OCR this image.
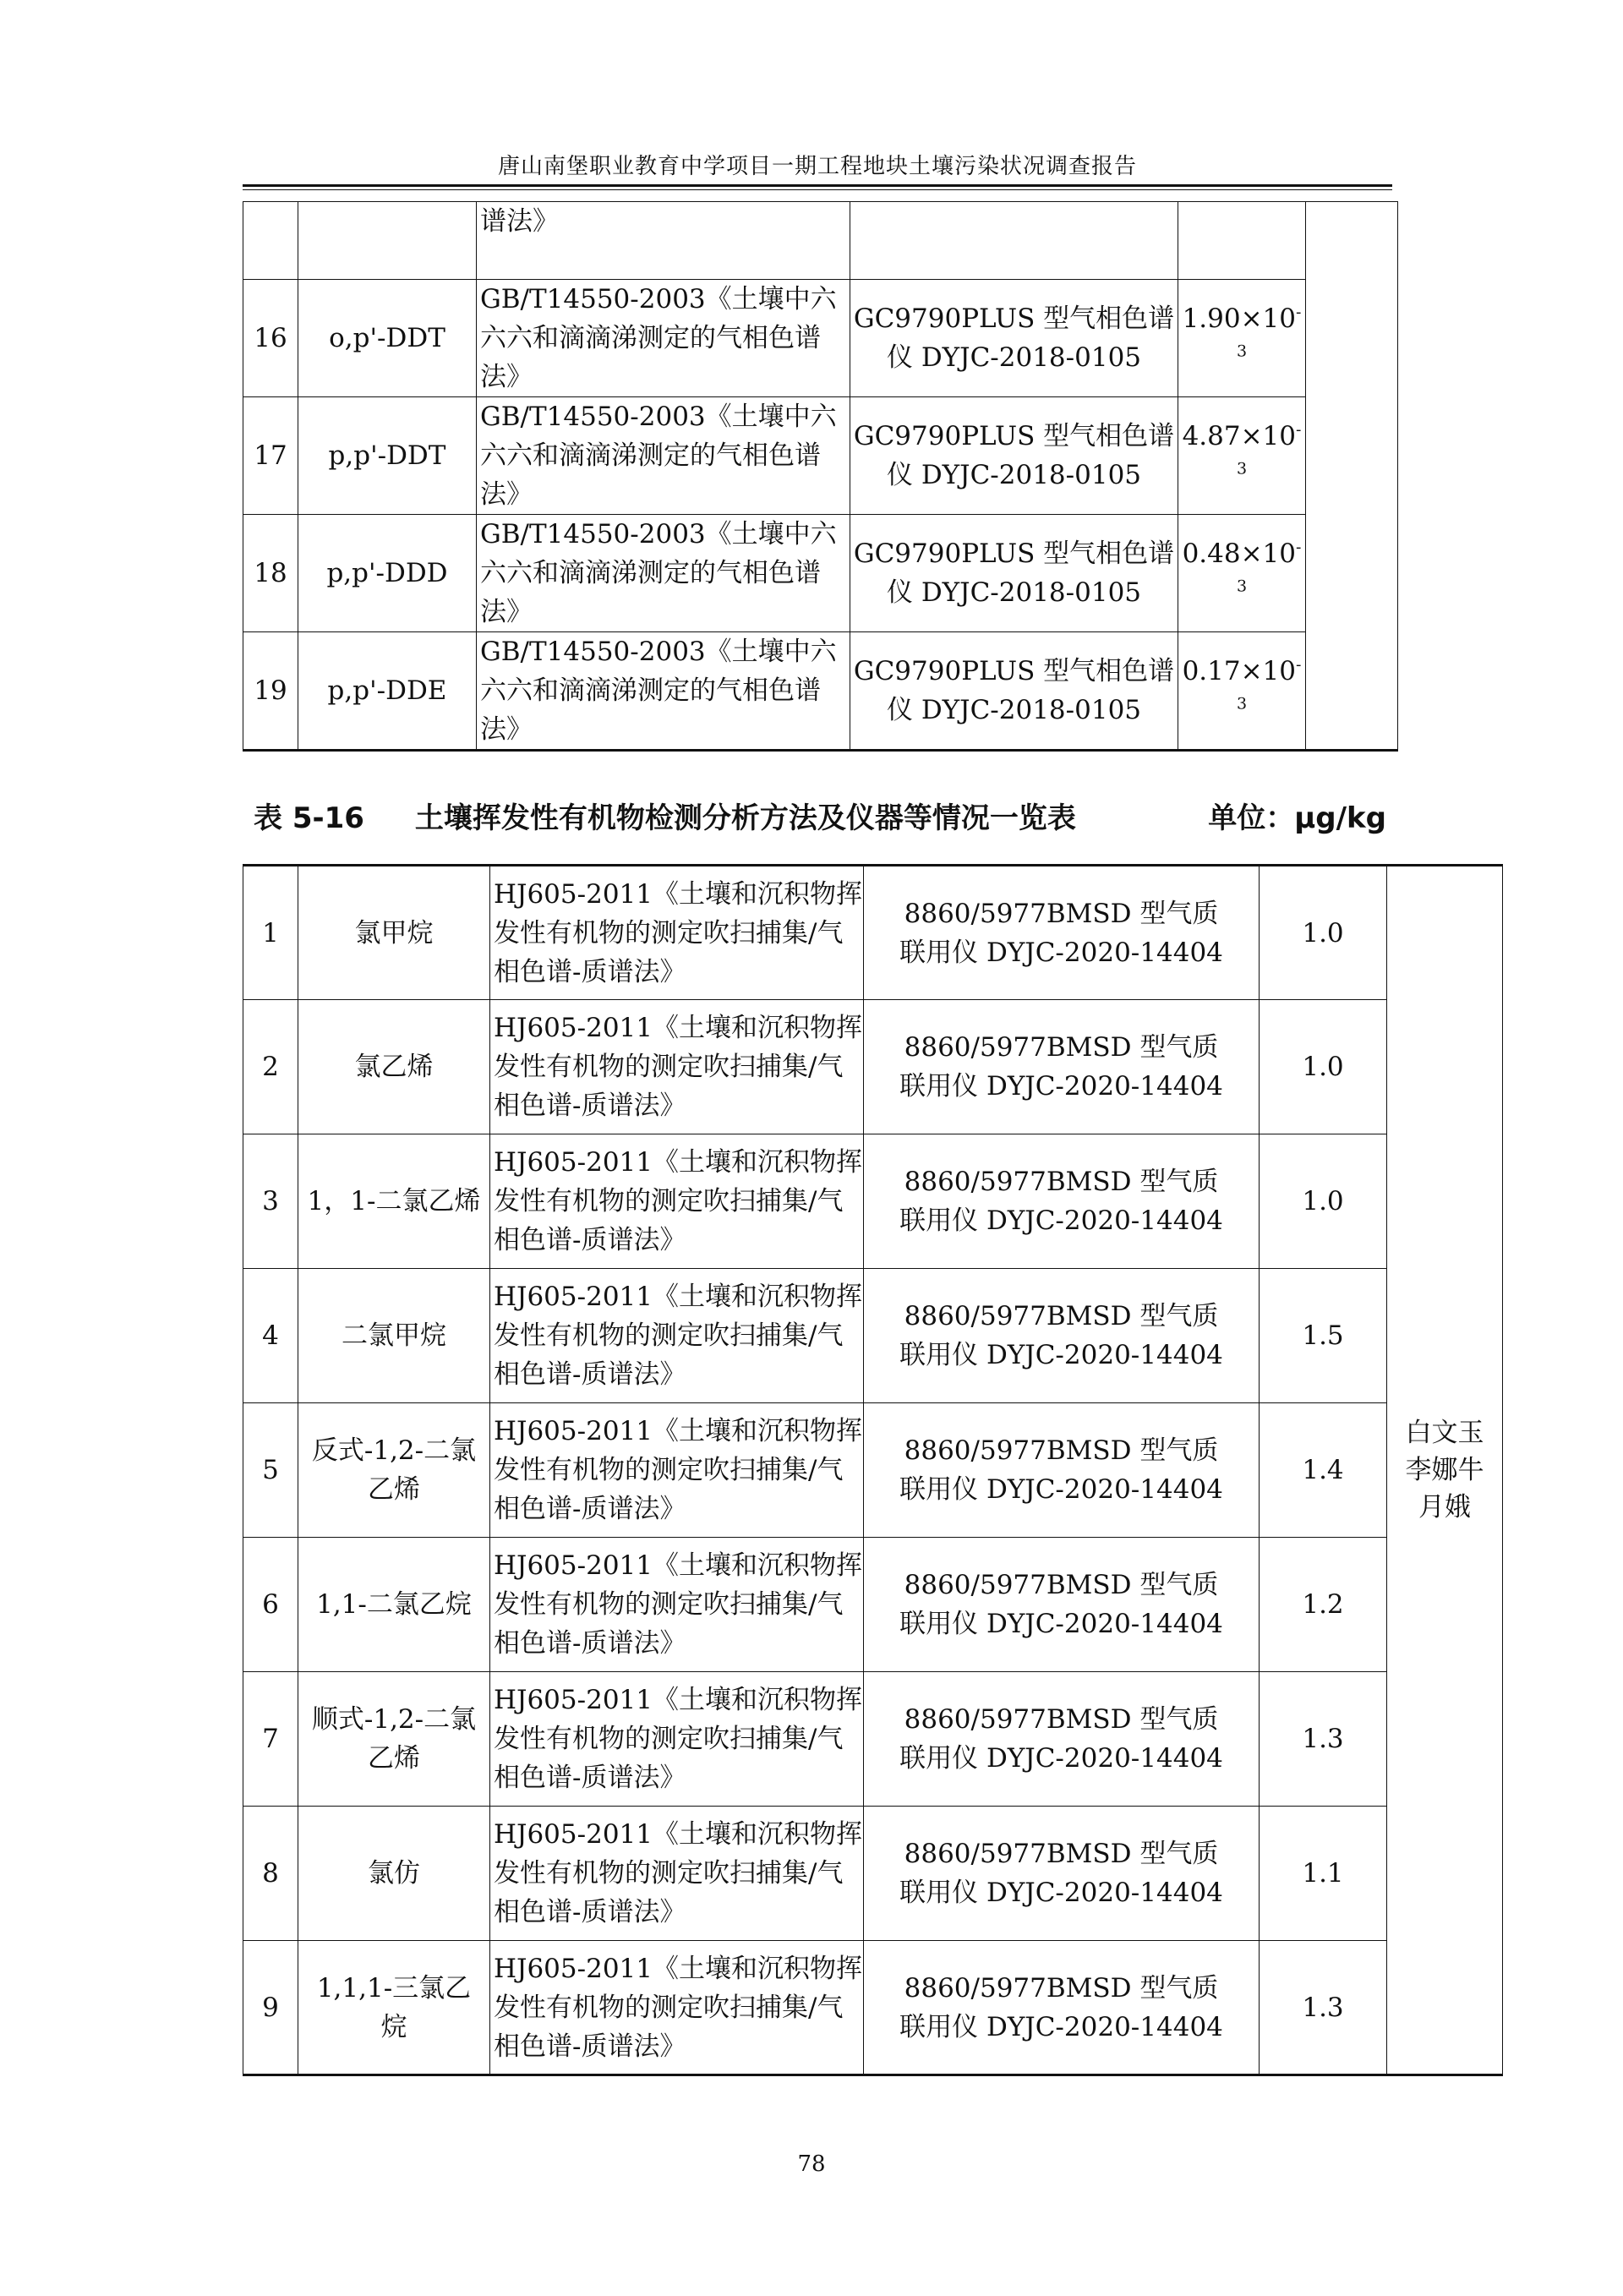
唐山南堡职业教育中学项目一期工程地块土壤污染状况调查报告
		谱法》			
16	o,p'-DDT	GB/T14550-2003《土壤中六六六和滴滴涕测定的气相色谱法》	GC9790PLUS 型气相色谱仪 DYJC-2018-0105	$1.90\times 10^{-3}$
17	p,p'-DDT	GB/T14550-2003《土壤中六六六和滴滴涕测定的气相色谱法》	GC9790PLUS 型气相色谱仪 DYJC-2018-0105	$4.87\times 10^{-3}$
18	p,p'-DDD	GB/T14550-2003《土壤中六六六和滴滴涕测定的气相色谱法》	GC9790PLUS 型气相色谱仪 DYJC-2018-0105	$0.48\times 10^{-3}$
19	p,p'-DDE	GB/T14550-2003《土壤中六六六和滴滴涕测定的气相色谱法》	GC9790PLUS 型气相色谱仪 DYJC-2018-0105	$0.17\times 10^{-3}$
表 5-16 土壤挥发性有机物检测分析方法及仪器等情况一览表	单位：μg/kg
1	氯甲烷	HJ605-2011《土壤和沉积物挥发性有机物的测定吹扫捕集/气相色谱-质谱法》	8860/5977BMSD 型气质联用仪 DYJC-2020-14404	1.0	白文玉 李娜牛月娥
2	氯乙烯	HJ605-2011《土壤和沉积物挥发性有机物的测定吹扫捕集/气相色谱-质谱法》	8860/5977BMSD 型气质联用仪 DYJC-2020-14404	1.0	
3	1，1-二氯乙烯	HJ605-2011《土壤和沉积物挥发性有机物的测定吹扫捕集/气相色谱-质谱法》	8860/5977BMSD 型气质联用仪 DYJC-2020-14404	1.0	
4	二氯甲烷	HJ605-2011《土壤和沉积物挥发性有机物的测定吹扫捕集/气相色谱-质谱法》	8860/5977BMSD 型气质联用仪 DYJC-2020-14404	1.5	
5	反式-1,2-二氯乙烯	HJ605-2011《土壤和沉积物挥发性有机物的测定吹扫捕集/气相色谱-质谱法》	8860/5977BMSD 型气质联用仪 DYJC-2020-14404	1.4	
6	1,1-二氯乙烷	HJ605-2011《土壤和沉积物挥发性有机物的测定吹扫捕集/气相色谱-质谱法》	8860/5977BMSD 型气质联用仪 DYJC-2020-14404	1.2	
7	顺式-1,2-二氯乙烯	HJ605-2011《土壤和沉积物挥发性有机物的测定吹扫捕集/气相色谱-质谱法》	8860/5977BMSD 型气质联用仪 DYJC-2020-14404	1.3	
8	氯仿	HJ605-2011《土壤和沉积物挥发性有机物的测定吹扫捕集/气相色谱-质谱法》	8860/5977BMSD 型气质联用仪 DYJC-2020-14404	1.1	
9	1,1,1-三氯乙烷	HJ605-2011《土壤和沉积物挥发性有机物的测定吹扫捕集/气相色谱-质谱法》	8860/5977BMSD 型气质联用仪 DYJC-2020-14404	1.3	
78
